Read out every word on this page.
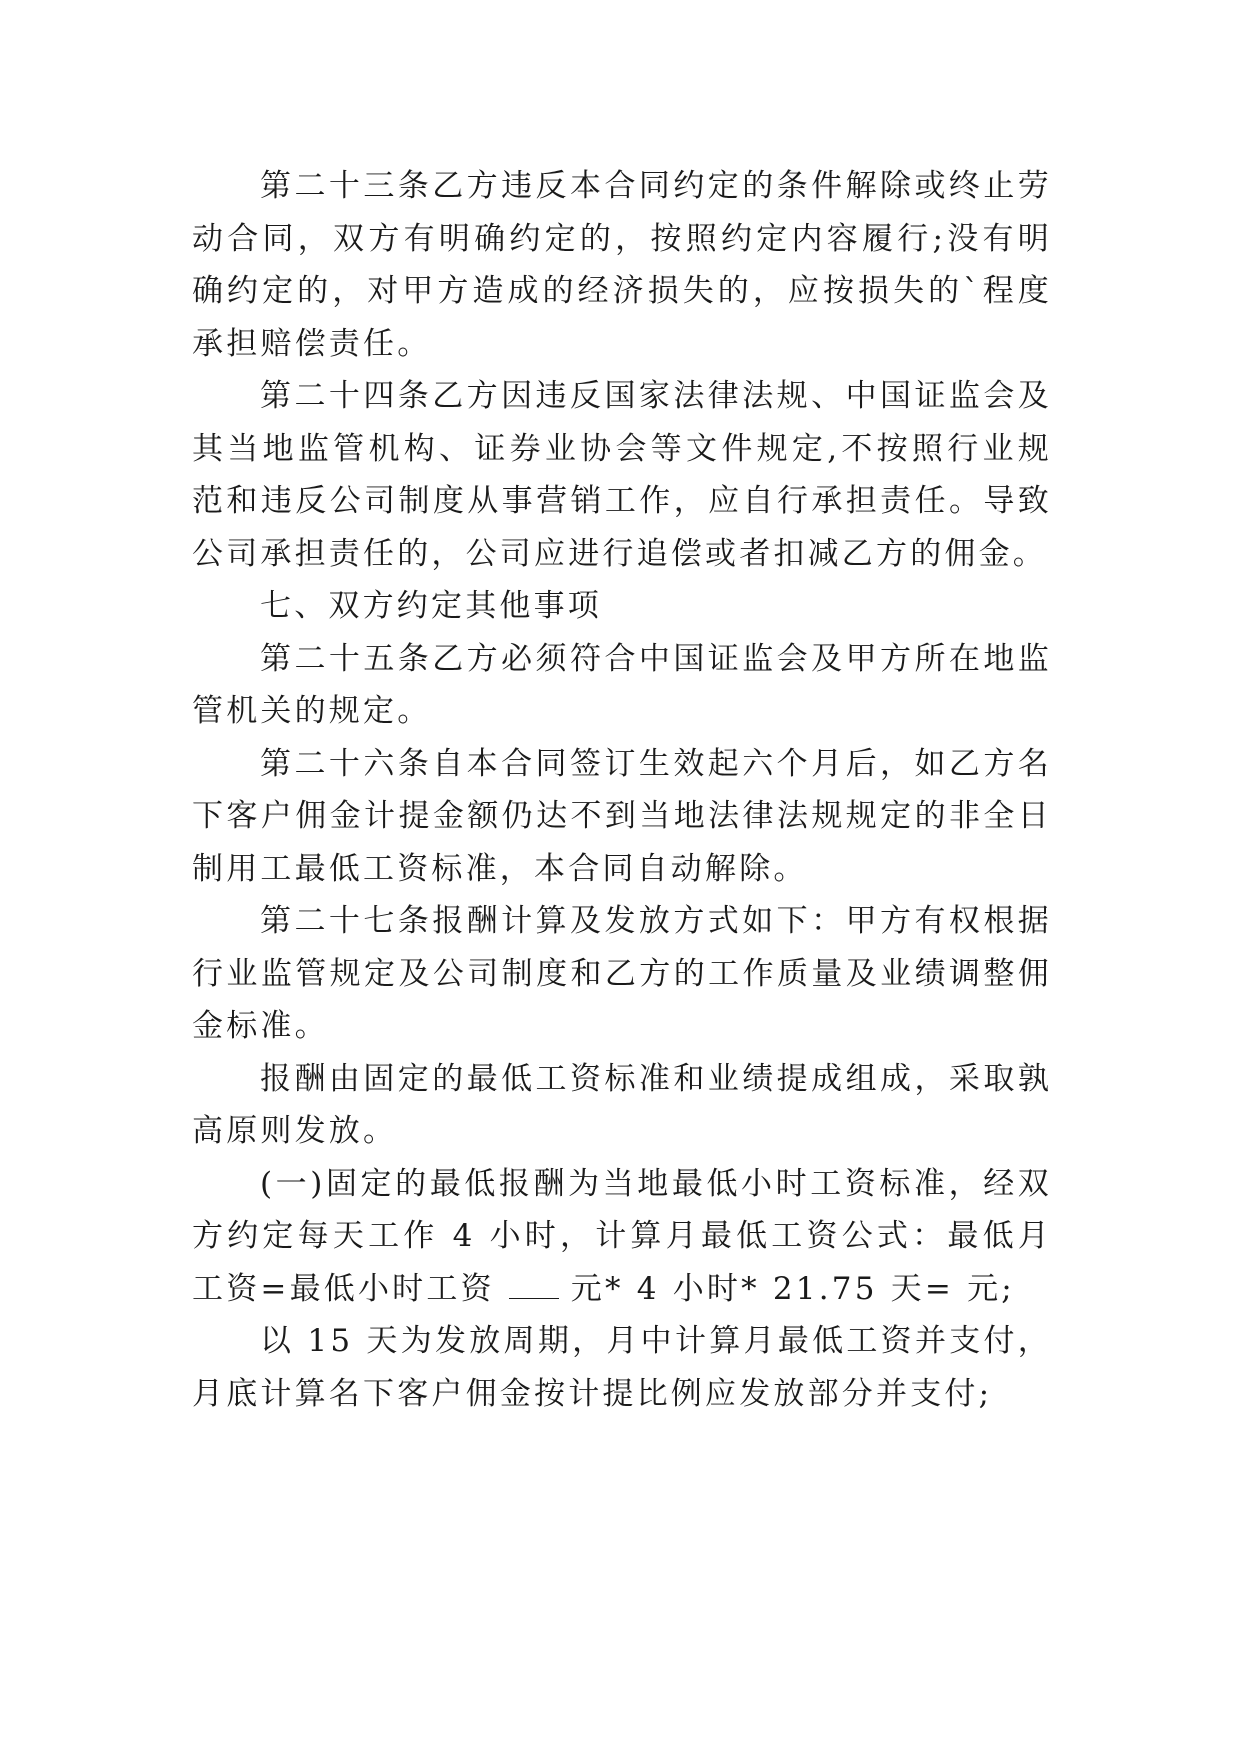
第二十三条乙方违反本合同约定的条件解除或终止劳动合同，双方有明确约定的，按照约定内容履行;没有明确约定的，对甲方造成的经济损失的，应按损失的`程度承担赔偿责任。

第二十四条乙方因违反国家法律法规、中国证监会及其当地监管机构、证券业协会等文件规定,不按照行业规范和违反公司制度从事营销工作，应自行承担责任。导致公司承担责任的，公司应进行追偿或者扣减乙方的佣金。

七、双方约定其他事项

第二十五条乙方必须符合中国证监会及甲方所在地监管机关的规定。

第二十六条自本合同签订生效起六个月后，如乙方名下客户佣金计提金额仍达不到当地法律法规规定的非全日制用工最低工资标准，本合同自动解除。

第二十七条报酬计算及发放方式如下：甲方有权根据行业监管规定及公司制度和乙方的工作质量及业绩调整佣金标准。

报酬由固定的最低工资标准和业绩提成组成，采取孰高原则发放。

(一)固定的最低报酬为当地最低小时工资标准，经双方约定每天工作 4 小时，计算月最低工资公式：最低月工资=最低小时工资 元* 4 小时* 21.75 天= 元;

以 15 天为发放周期，月中计算月最低工资并支付，月底计算名下客户佣金按计提比例应发放部分并支付;
